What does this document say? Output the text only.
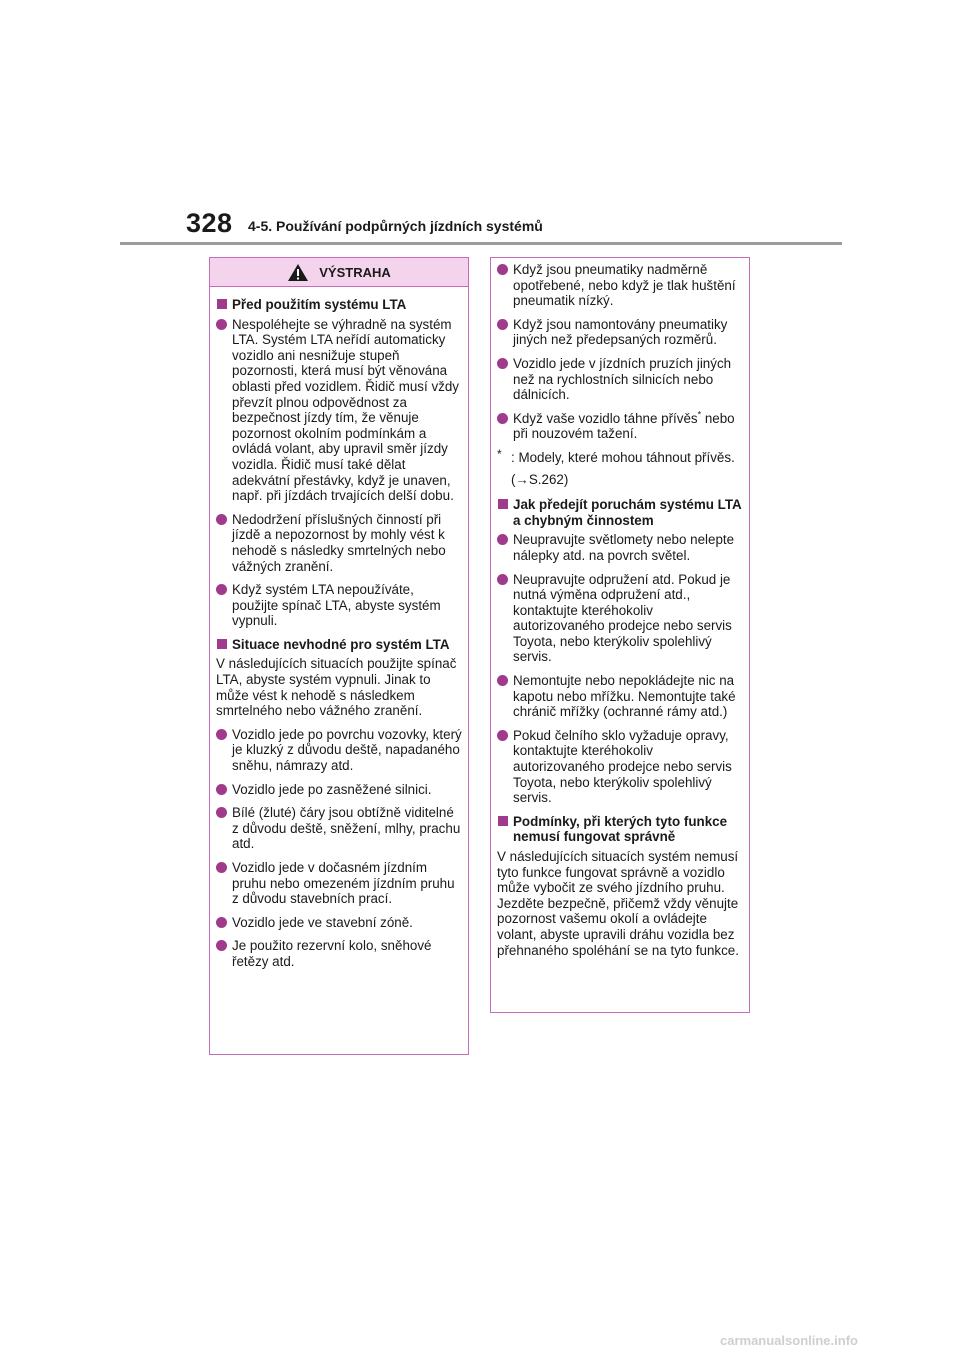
328 4-5. Používání podpůrných jízdních systémů
VÝSTRAHA
Před použitím systému LTA
Nespoléhejte se výhradně na systém LTA. Systém LTA neřídí automaticky vozidlo ani nesnižuje stupeň pozornosti, která musí být věnována oblasti před vozidlem. Řidič musí vždy převzít plnou odpovědnost za bezpečnost jízdy tím, že věnuje pozornost okolním podmínkám a ovládá volant, aby upravil směr jízdy vozidla. Řidič musí také dělat adekvátní přestávky, když je unaven, např. při jízdách trvajících delší dobu.
Nedodržení příslušných činností při jízdě a nepozornost by mohly vést k nehodě s následky smrtelných nebo vážných zranění.
Když systém LTA nepoužíváte, použijte spínač LTA, abyste systém vypnuli.
Situace nevhodné pro systém LTA
V následujících situacích použijte spínač LTA, abyste systém vypnuli. Jinak to může vést k nehodě s následkem smrtelného nebo vážného zranění.
Vozidlo jede po povrchu vozovky, který je kluzký z důvodu deště, napadaného sněhu, námrazy atd.
Vozidlo jede po zasněžené silnici.
Bílé (žluté) čáry jsou obtížně viditelné z důvodu deště, sněžení, mlhy, prachu atd.
Vozidlo jede v dočasném jízdním pruhu nebo omezeném jízdním pruhu z důvodu stavebních prací.
Vozidlo jede ve stavební zóně.
Je použito rezervní kolo, sněhové řetězy atd.
Když jsou pneumatiky nadměrně opotřebené, nebo když je tlak huštění pneumatik nízký.
Když jsou namontovány pneumatiky jiných než předepsaných rozměrů.
Vozidlo jede v jízdních pruzích jiných než na rychlostních silnicích nebo dálnicích.
Když vaše vozidlo táhne přívěs* nebo při nouzovém tažení.
* : Modely, které mohou táhnout přívěs.
(→S.262)
Jak předejít poruchám systému LTA a chybným činnostem
Neupravujte světlomety nebo nelepte nálepky atd. na povrch světel.
Neupravujte odpružení atd. Pokud je nutná výměna odpružení atd., kontaktujte kteréhokoliv autorizovaného prodejce nebo servis Toyota, nebo kterýkoliv spolehlivý servis.
Nemontujte nebo nepokládejte nic na kapotu nebo mřížku. Nemontujte také chránič mřížky (ochranné rámy atd.)
Pokud čelního sklo vyžaduje opravy, kontaktujte kteréhokoliv autorizovaného prodejce nebo servis Toyota, nebo kterýkoliv spolehlivý servis.
Podmínky, při kterých tyto funkce nemusí fungovat správně
V následujících situacích systém nemusí tyto funkce fungovat správně a vozidlo může vybočit ze svého jízdního pruhu. Jezděte bezpečně, přičemž vždy věnujte pozornost vašemu okolí a ovládejte volant, abyste upravili dráhu vozidla bez přehnaného spoléhání se na tyto funkce.
carmanualsonline.info
